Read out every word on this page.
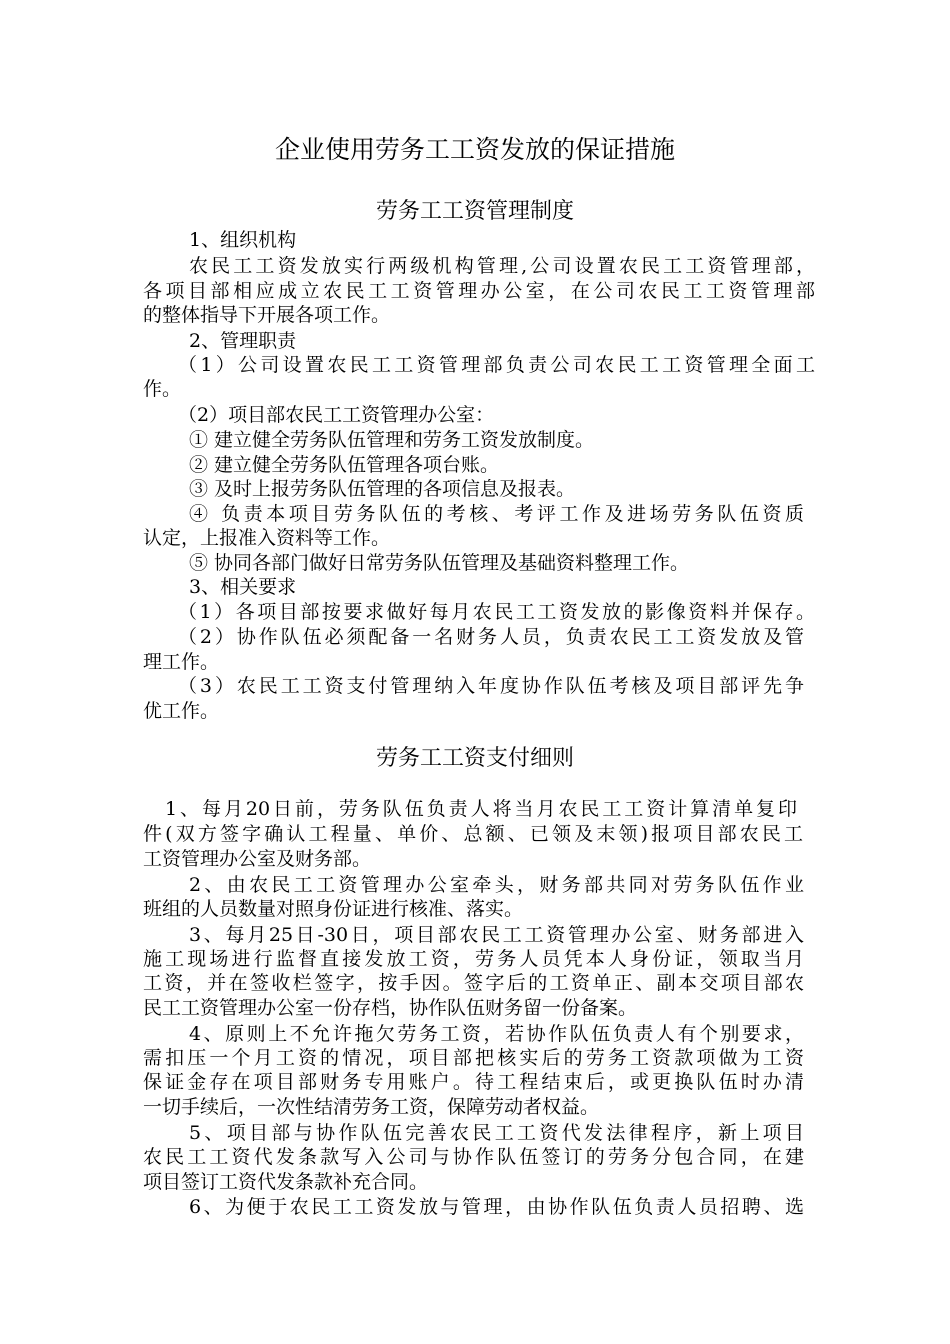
企业使用劳务工工资发放的保证措施
劳务工工资管理制度
1、组织机构
农民工工资发放实行两级机构管理,公司设置农民工工资管理部，
各项目部相应成立农民工工资管理办公室，在公司农民工工资管理部
的整体指导下开展各项工作。
2、管理职责
（1）公司设置农民工工资管理部负责公司农民工工资管理全面工
作。
（2）项目部农民工工资管理办公室：
① 建立健全劳务队伍管理和劳务工资发放制度。
② 建立健全劳务队伍管理各项台账。
③ 及时上报劳务队伍管理的各项信息及报表。
④ 负责本项目劳务队伍的考核、考评工作及进场劳务队伍资质
认定，上报准入资料等工作。
⑤ 协同各部门做好日常劳务队伍管理及基础资料整理工作。
3、相关要求
（1）各项目部按要求做好每月农民工工资发放的影像资料并保存。
（2）协作队伍必须配备一名财务人员，负责农民工工资发放及管
理工作。
（3）农民工工资支付管理纳入年度协作队伍考核及项目部评先争
优工作。
劳务工工资支付细则
1、每月20日前，劳务队伍负责人将当月农民工工资计算清单复印
件(双方签字确认工程量、单价、总额、已领及末领)报项目部农民工
工资管理办公室及财务部。
2、由农民工工资管理办公室牵头，财务部共同对劳务队伍作业
班组的人员数量对照身份证进行核准、落实。
3、每月25日-30日，项目部农民工工资管理办公室、财务部进入
施工现场进行监督直接发放工资，劳务人员凭本人身份证，领取当月
工资，并在签收栏签字，按手因。签字后的工资单正、副本交项目部农
民工工资管理办公室一份存档，协作队伍财务留一份备案。
4、原则上不允许拖欠劳务工资，若协作队伍负责人有个别要求，
需扣压一个月工资的情况，项目部把核实后的劳务工资款项做为工资
保证金存在项目部财务专用账户。待工程结束后，或更换队伍时办清
一切手续后，一次性结清劳务工资，保障劳动者权益。
5、项目部与协作队伍完善农民工工资代发法律程序，新上项目
农民工工资代发条款写入公司与协作队伍签订的劳务分包合同，在建
项目签订工资代发条款补充合同。
6、为便于农民工工资发放与管理，由协作队伍负责人员招聘、选
